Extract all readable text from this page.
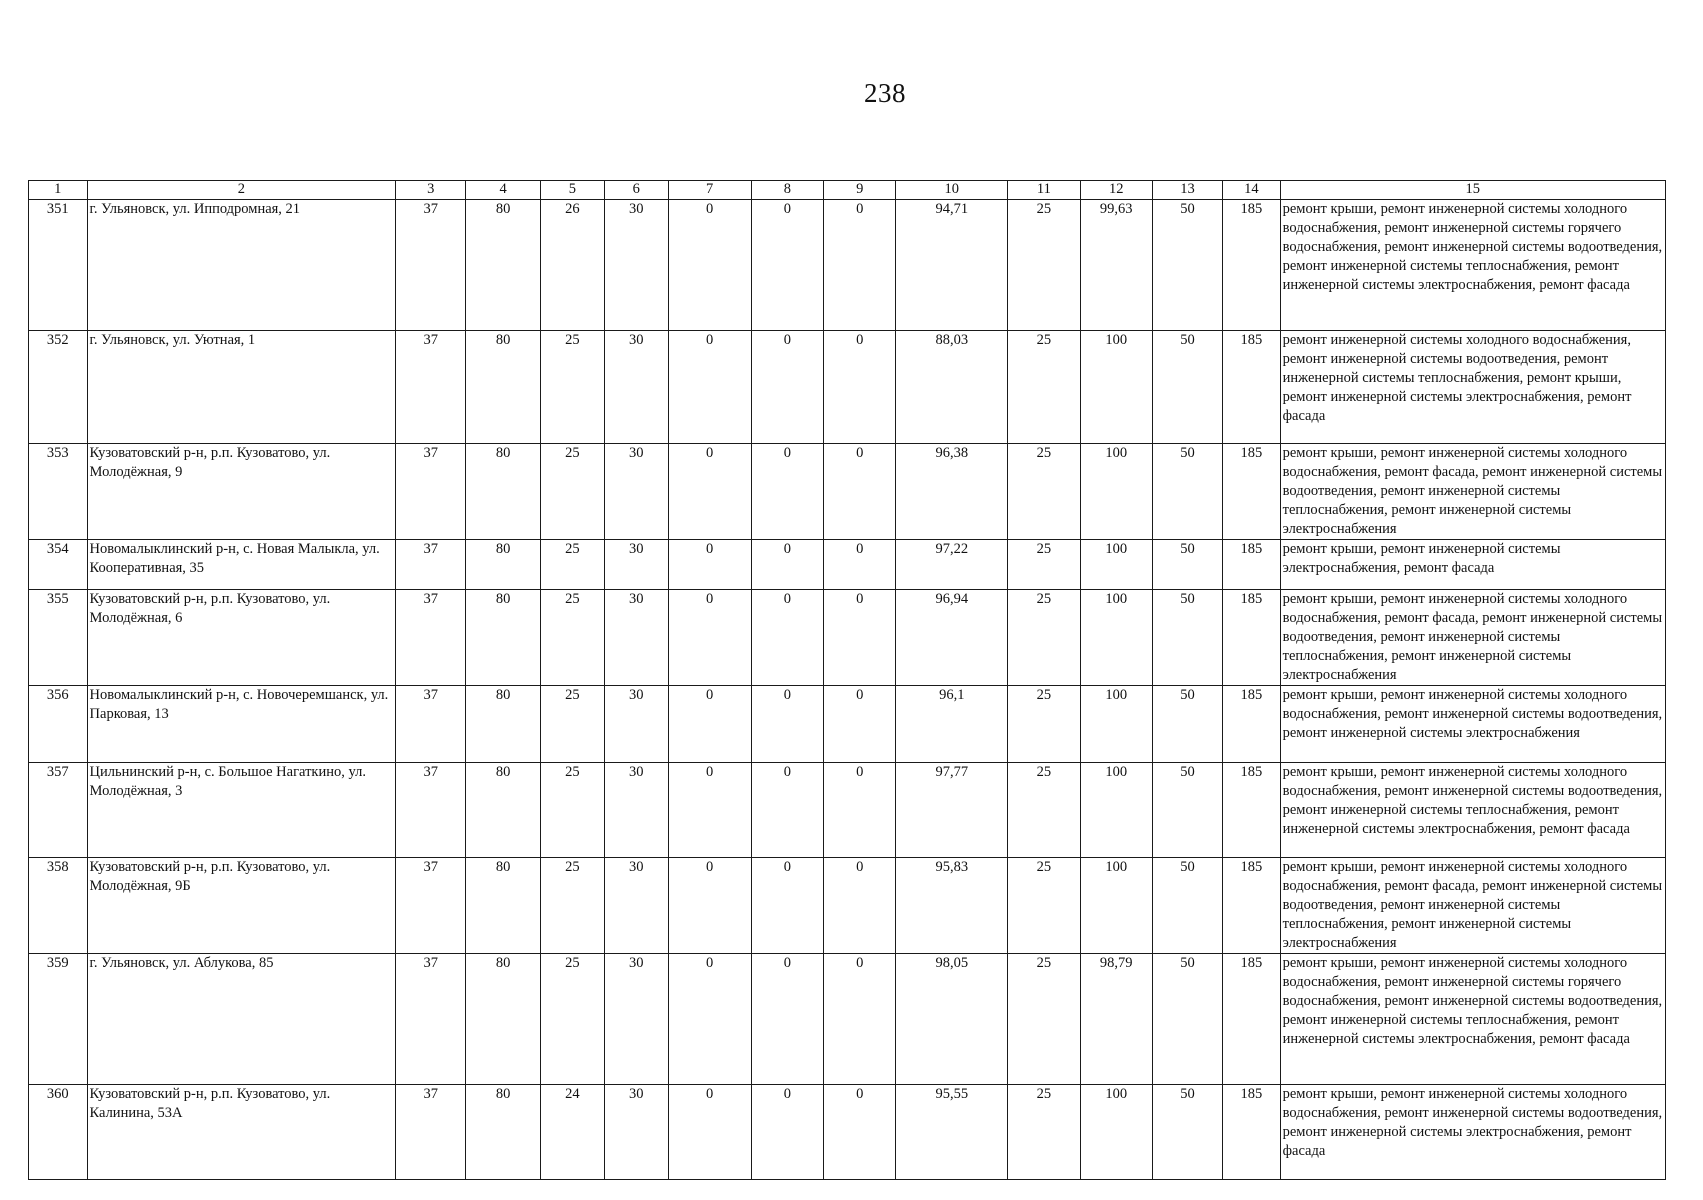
238
1	2	3	4	5	6	7	8	9	10	11	12	13	14	15
351	г. Ульяновск, ул. Ипподромная, 21	37	80	26	30	0	0	0	94,71	25	99,63	50	185	ремонт крыши, ремонт инженерной системы холодного водоснабжения, ремонт инженерной системы горячего водоснабжения, ремонт инженерной системы водоотведения, ремонт инженерной системы теплоснабжения, ремонт инженерной системы электроснабжения, ремонт фасада
352	г. Ульяновск, ул. Уютная, 1	37	80	25	30	0	0	0	88,03	25	100	50	185	ремонт инженерной системы холодного водоснабжения, ремонт инженерной системы водоотведения, ремонт инженерной системы теплоснабжения, ремонт крыши, ремонт инженерной системы электроснабжения, ремонт фасада
353	Кузоватовский р-н, р.п. Кузоватово, ул. Молодёжная, 9	37	80	25	30	0	0	0	96,38	25	100	50	185	ремонт крыши, ремонт инженерной системы холодного водоснабжения, ремонт фасада, ремонт инженерной системы водоотведения, ремонт инженерной системы теплоснабжения, ремонт инженерной системы электроснабжения
354	Новомалыклинский р-н, с. Новая Малыкла, ул. Кооперативная, 35	37	80	25	30	0	0	0	97,22	25	100	50	185	ремонт крыши, ремонт инженерной системы электроснабжения, ремонт фасада
355	Кузоватовский р-н, р.п. Кузоватово, ул. Молодёжная, 6	37	80	25	30	0	0	0	96,94	25	100	50	185	ремонт крыши, ремонт инженерной системы холодного водоснабжения, ремонт фасада, ремонт инженерной системы водоотведения, ремонт инженерной системы теплоснабжения, ремонт инженерной системы электроснабжения
356	Новомалыклинский р-н, с. Новочеремшанск, ул. Парковая, 13	37	80	25	30	0	0	0	96,1	25	100	50	185	ремонт крыши, ремонт инженерной системы холодного водоснабжения, ремонт инженерной системы водоотведения, ремонт инженерной системы электроснабжения
357	Цильнинский р-н, с. Большое Нагаткино, ул. Молодёжная, 3	37	80	25	30	0	0	0	97,77	25	100	50	185	ремонт крыши, ремонт инженерной системы холодного водоснабжения, ремонт инженерной системы водоотведения, ремонт инженерной системы теплоснабжения, ремонт инженерной системы электроснабжения, ремонт фасада
358	Кузоватовский р-н, р.п. Кузоватово, ул. Молодёжная, 9Б	37	80	25	30	0	0	0	95,83	25	100	50	185	ремонт крыши, ремонт инженерной системы холодного водоснабжения, ремонт фасада, ремонт инженерной системы водоотведения, ремонт инженерной системы теплоснабжения, ремонт инженерной системы электроснабжения
359	г. Ульяновск, ул. Аблукова, 85	37	80	25	30	0	0	0	98,05	25	98,79	50	185	ремонт крыши, ремонт инженерной системы холодного водоснабжения, ремонт инженерной системы горячего водоснабжения, ремонт инженерной системы водоотведения, ремонт инженерной системы теплоснабжения, ремонт инженерной системы электроснабжения, ремонт фасада
360	Кузоватовский р-н, р.п. Кузоватово, ул. Калинина, 53А	37	80	24	30	0	0	0	95,55	25	100	50	185	ремонт крыши, ремонт инженерной системы холодного водоснабжения, ремонт инженерной системы водоотведения, ремонт инженерной системы электроснабжения, ремонт фасада
